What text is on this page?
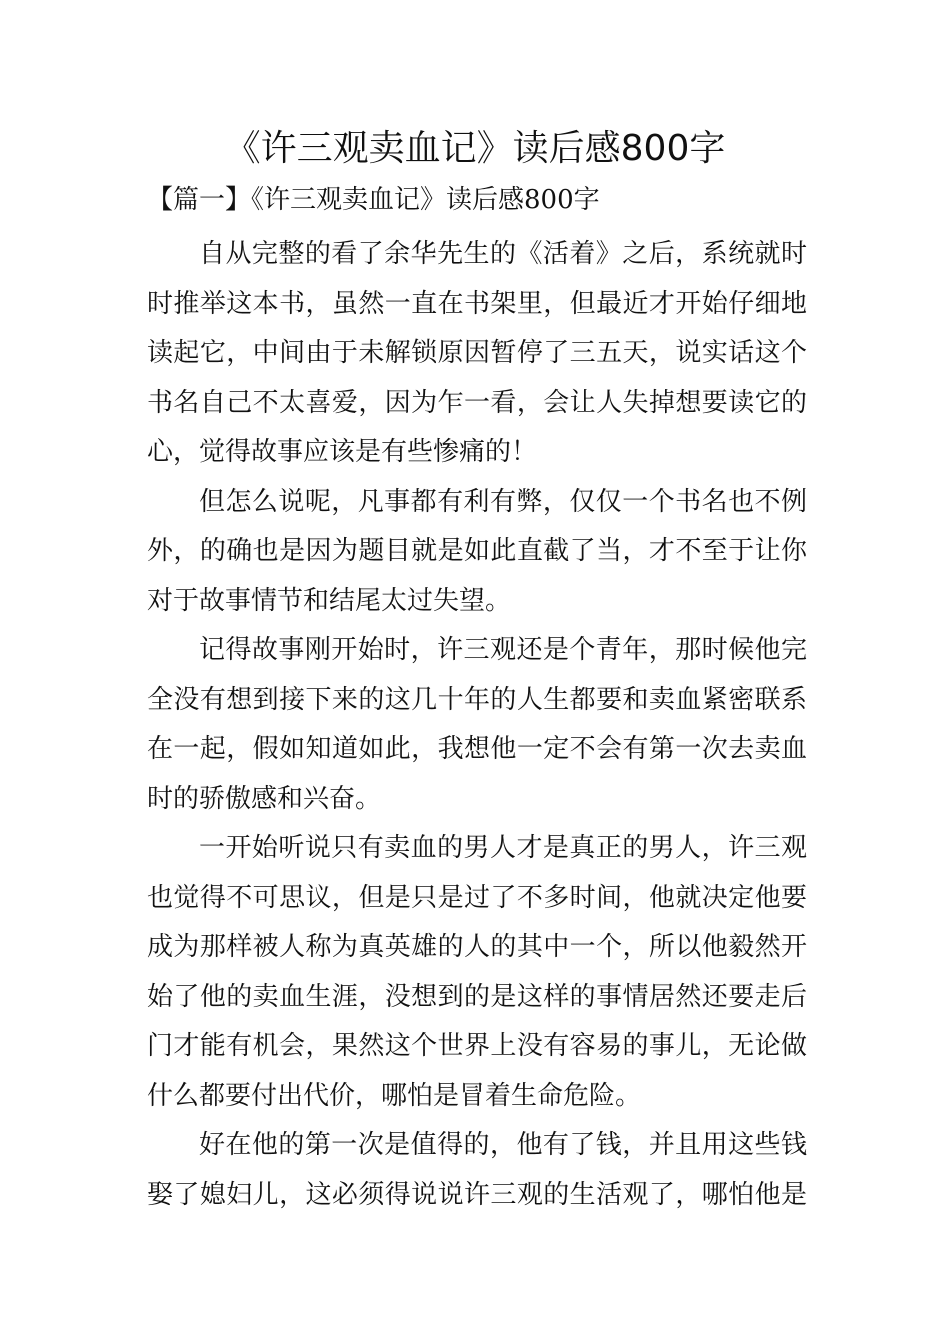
《许三观卖血记》读后感800字
【篇一】《许三观卖血记》读后感800字
自从完整的看了余华先生的《活着》之后，系统就时
时推举这本书，虽然一直在书架里，但最近才开始仔细地
读起它，中间由于未解锁原因暂停了三五天，说实话这个
书名自己不太喜爱，因为乍一看，会让人失掉想要读它的
心，觉得故事应该是有些惨痛的！
但怎么说呢，凡事都有利有弊，仅仅一个书名也不例
外，的确也是因为题目就是如此直截了当，才不至于让你
对于故事情节和结尾太过失望。
记得故事刚开始时，许三观还是个青年，那时候他完
全没有想到接下来的这几十年的人生都要和卖血紧密联系
在一起，假如知道如此，我想他一定不会有第一次去卖血
时的骄傲感和兴奋。
一开始听说只有卖血的男人才是真正的男人，许三观
也觉得不可思议，但是只是过了不多时间，他就决定他要
成为那样被人称为真英雄的人的其中一个，所以他毅然开
始了他的卖血生涯，没想到的是这样的事情居然还要走后
门才能有机会，果然这个世界上没有容易的事儿，无论做
什么都要付出代价，哪怕是冒着生命危险。
好在他的第一次是值得的，他有了钱，并且用这些钱
娶了媳妇儿，这必须得说说许三观的生活观了，哪怕他是
